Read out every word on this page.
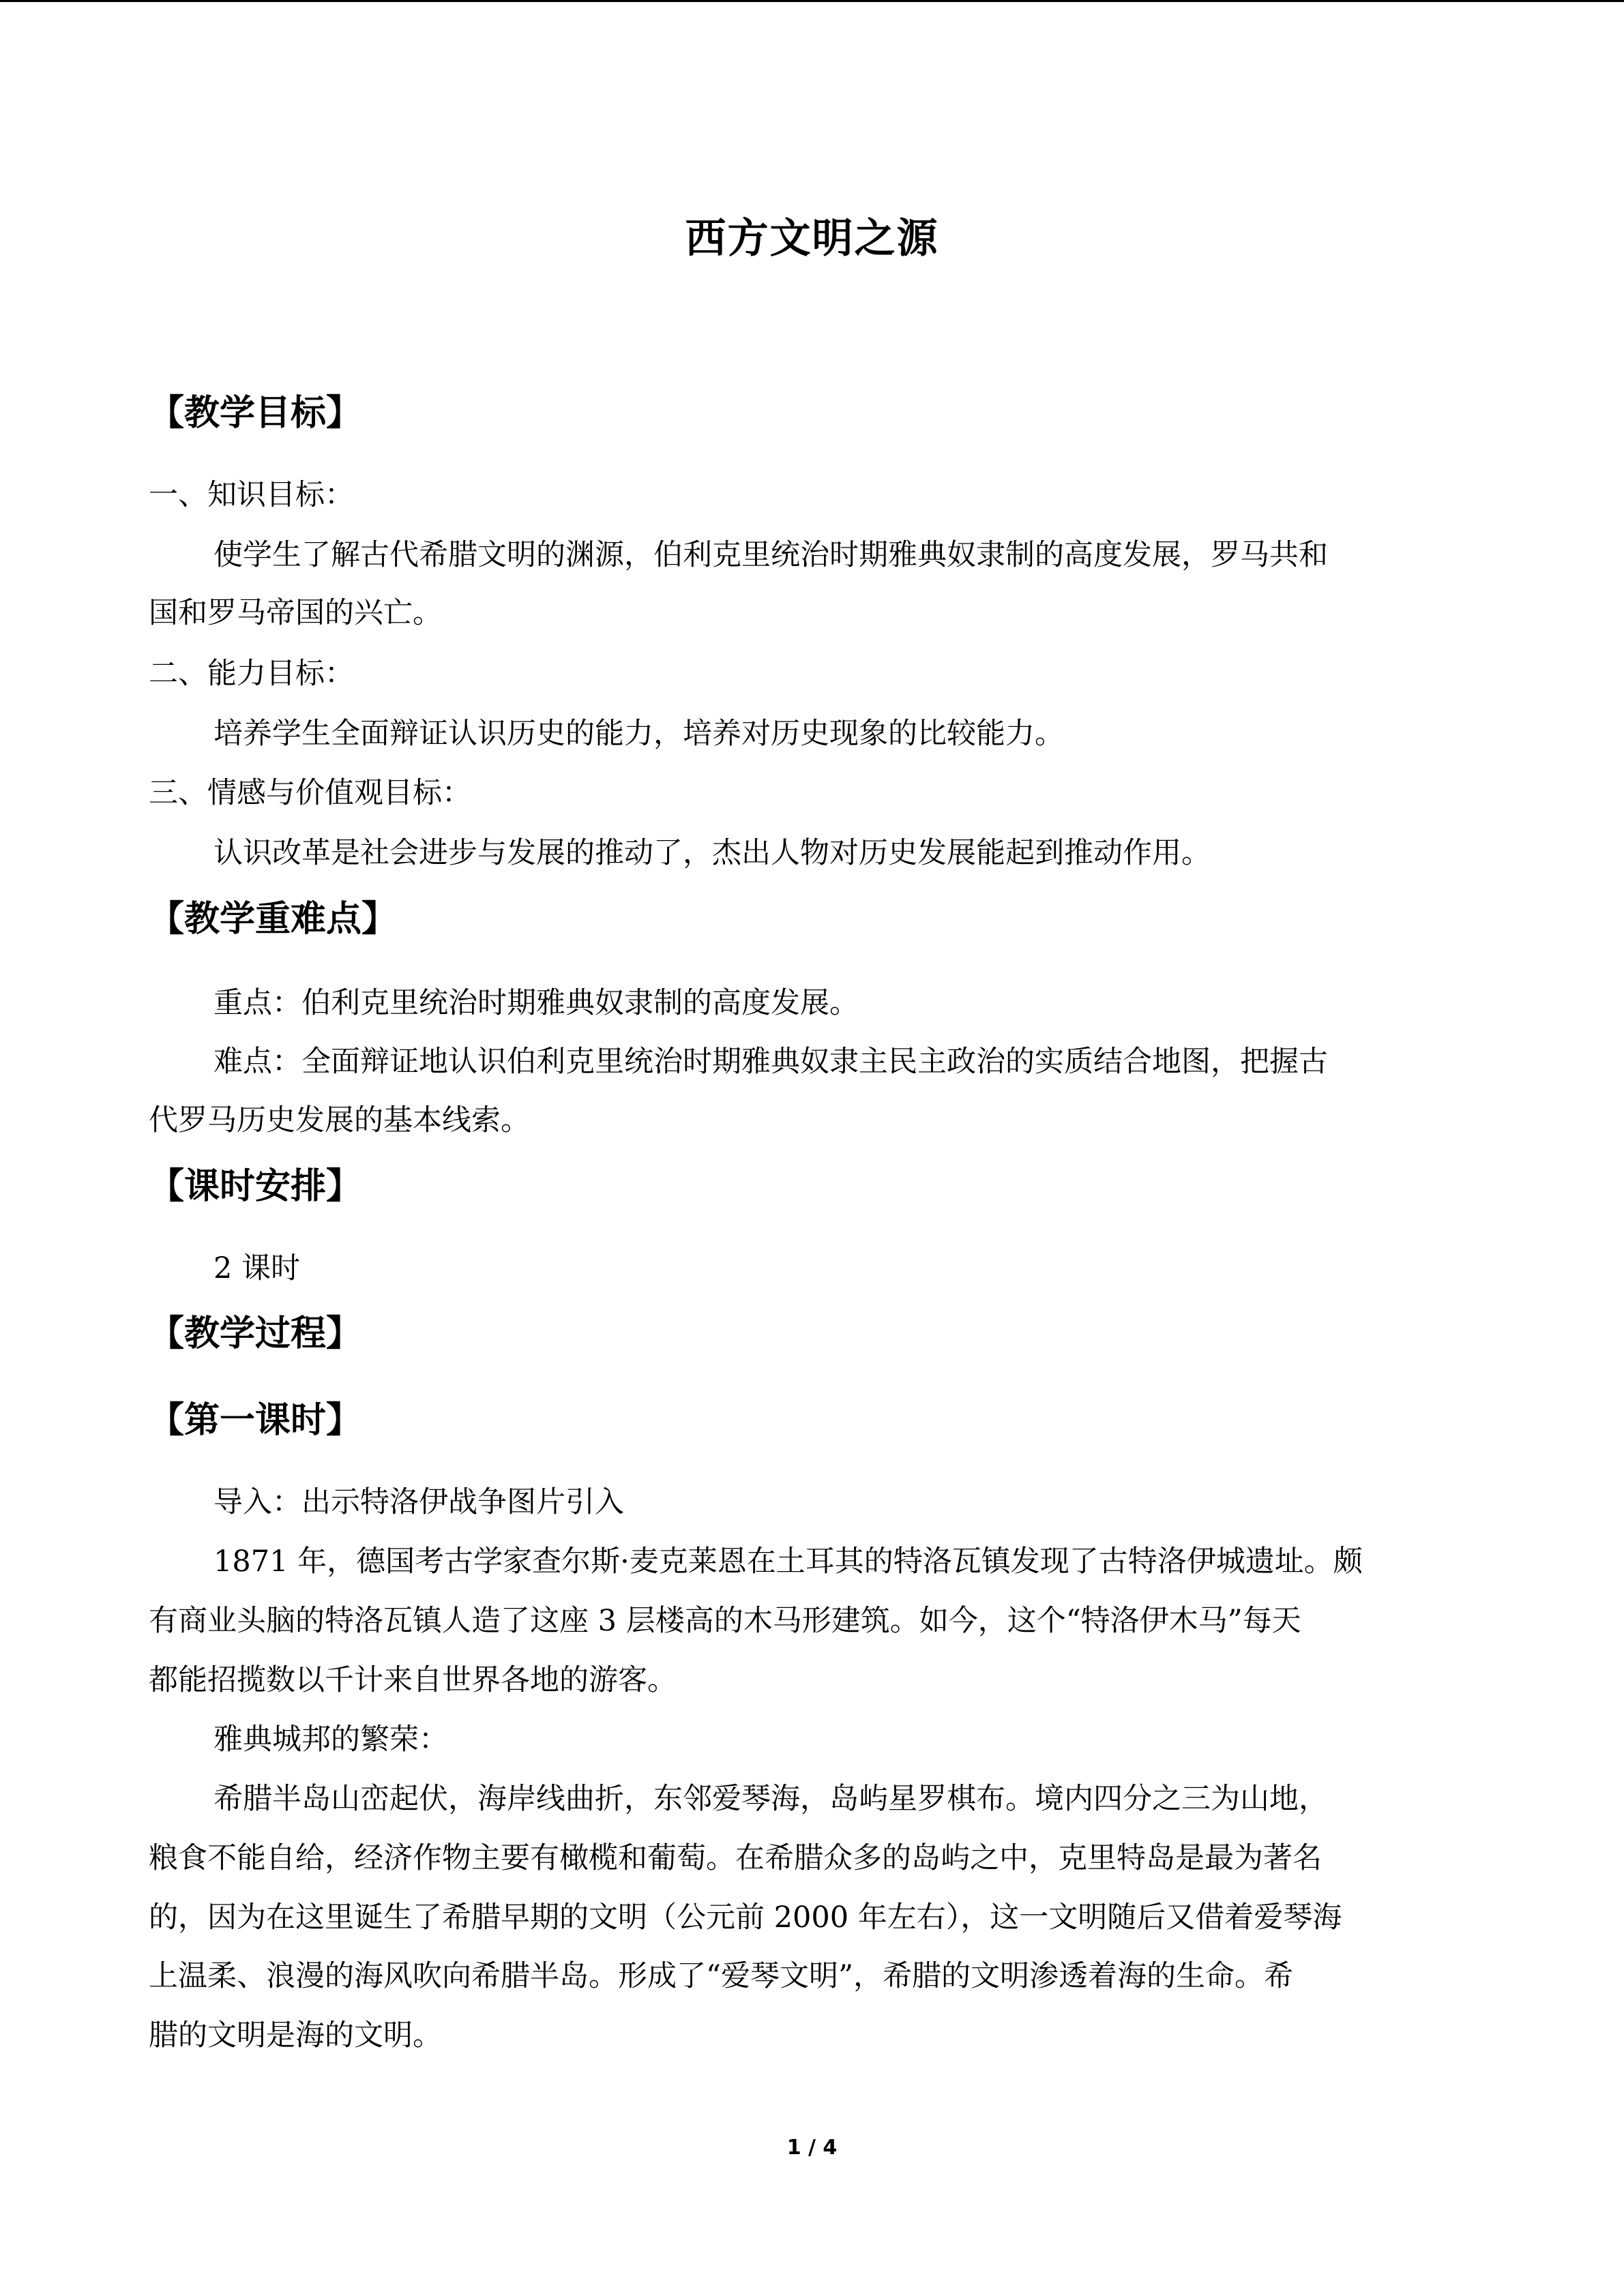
西方文明之源
【教学目标】
一、知识目标：
使学生了解古代希腊文明的渊源，伯利克里统治时期雅典奴隶制的高度发展，罗马共和
国和罗马帝国的兴亡。
二、能力目标：
培养学生全面辩证认识历史的能力，培养对历史现象的比较能力。
三、情感与价值观目标：
认识改革是社会进步与发展的推动了，杰出人物对历史发展能起到推动作用。
【教学重难点】
重点：伯利克里统治时期雅典奴隶制的高度发展。
难点：全面辩证地认识伯利克里统治时期雅典奴隶主民主政治的实质结合地图，把握古
代罗马历史发展的基本线索。
【课时安排】
2 课时
【教学过程】
【第一课时】
导入：出示特洛伊战争图片引入
1871 年，德国考古学家查尔斯·麦克莱恩在土耳其的特洛瓦镇发现了古特洛伊城遗址。颇
有商业头脑的特洛瓦镇人造了这座 3 层楼高的木马形建筑。如今，这个“特洛伊木马”每天
都能招揽数以千计来自世界各地的游客。
雅典城邦的繁荣：
希腊半岛山峦起伏，海岸线曲折，东邻爱琴海，岛屿星罗棋布。境内四分之三为山地，
粮食不能自给，经济作物主要有橄榄和葡萄。在希腊众多的岛屿之中，克里特岛是最为著名
的，因为在这里诞生了希腊早期的文明（公元前 2000 年左右），这一文明随后又借着爱琴海
上温柔、浪漫的海风吹向希腊半岛。形成了“爱琴文明”，希腊的文明渗透着海的生命。希
腊的文明是海的文明。
1 / 4
